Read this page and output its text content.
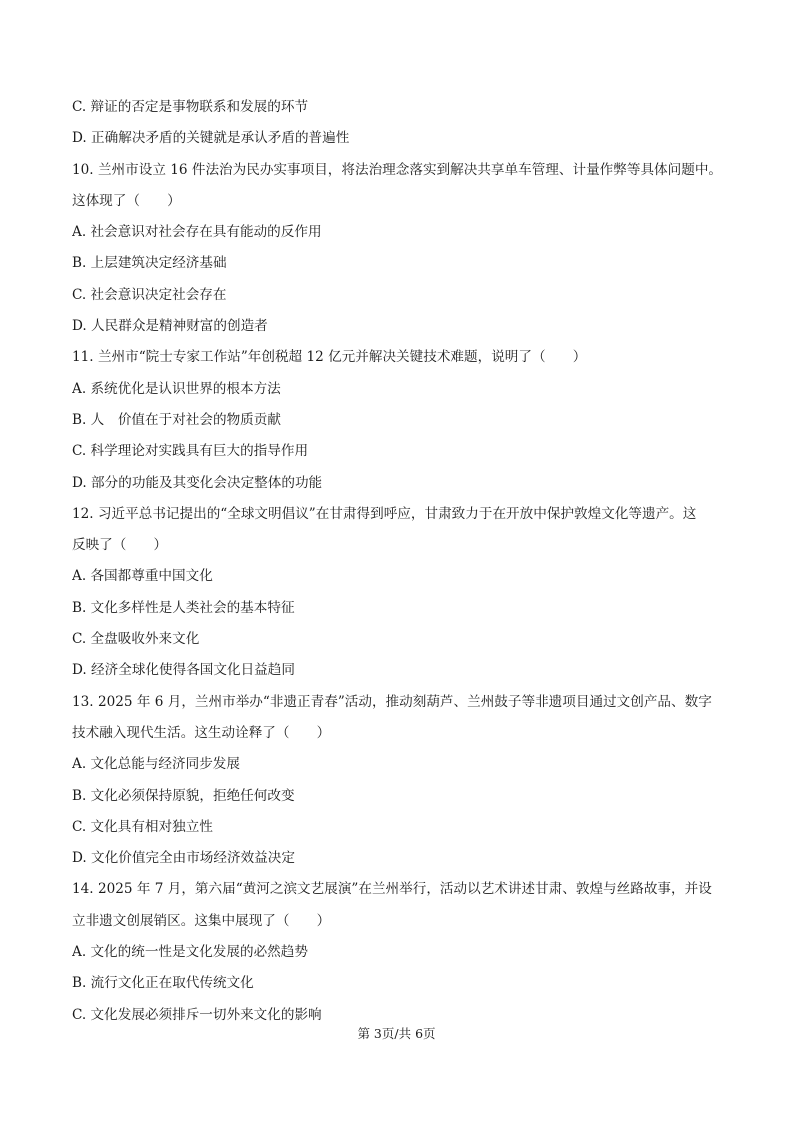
C. 辩证的否定是事物联系和发展的环节
D. 正确解决矛盾的关键就是承认矛盾的普遍性
10. 兰州市设立 16 件法治为民办实事项目，将法治理念落实到解决共享单车管理、计量作弊等具体问题中。
这体现了（　　）
A. 社会意识对社会存在具有能动的反作用
B. 上层建筑决定经济基础
C. 社会意识决定社会存在
D. 人民群众是精神财富的创造者
11. 兰州市“院士专家工作站”年创税超 12 亿元并解决关键技术难题，说明了（　　）
A. 系统优化是认识世界的根本方法
B. 人　价值在于对社会的物质贡献
C. 科学理论对实践具有巨大的指导作用
D. 部分的功能及其变化会决定整体的功能
12. 习近平总书记提出的“全球文明倡议”在甘肃得到呼应，甘肃致力于在开放中保护敦煌文化等遗产。这
反映了（　　）
A. 各国都尊重中国文化
B. 文化多样性是人类社会的基本特征
C. 全盘吸收外来文化
D. 经济全球化使得各国文化日益趋同
13. 2025 年 6 月，兰州市举办“非遗正青春”活动，推动刻葫芦、兰州鼓子等非遗项目通过文创产品、数字
技术融入现代生活。这生动诠释了（　　）
A. 文化总能与经济同步发展
B. 文化必须保持原貌，拒绝任何改变
C. 文化具有相对独立性
D. 文化价值完全由市场经济效益决定
14. 2025 年 7 月，第六届“黄河之滨文艺展演”在兰州举行，活动以艺术讲述甘肃、敦煌与丝路故事，并设
立非遗文创展销区。这集中展现了（　　）
A. 文化的统一性是文化发展的必然趋势
B. 流行文化正在取代传统文化
C. 文化发展必须排斥一切外来文化的影响
第 3页/共 6页
